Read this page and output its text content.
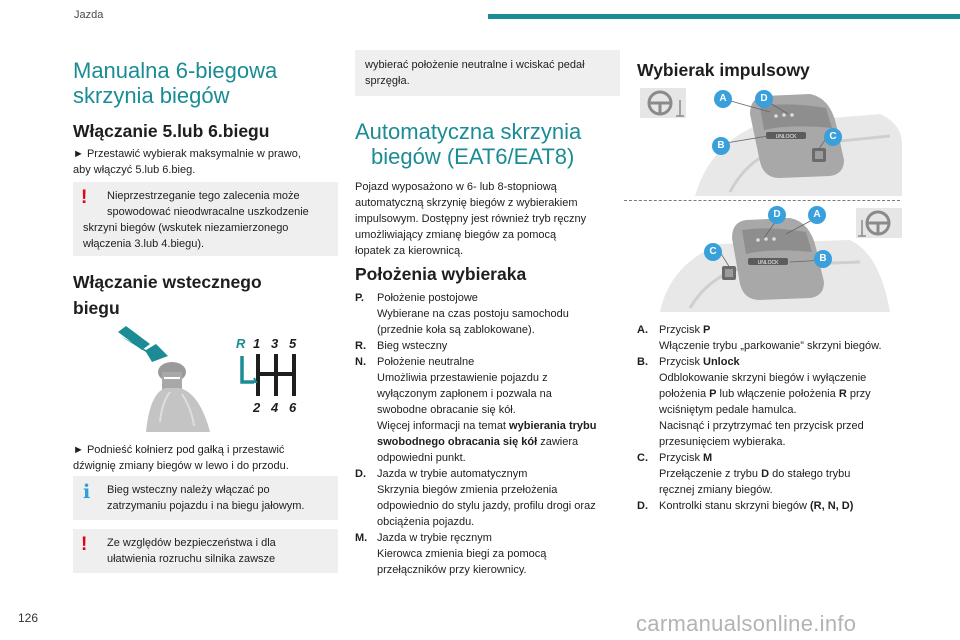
Jazda
126	carmanualsonline.info
Manualna 6-biegowa
skrzynia biegów
Włączanie 5.lub 6.biegu
► Przestawić wybierak maksymalnie w prawo,
aby włączyć 5.lub 6.bieg.
! Nieprzestrzeganie tego zalecenia może
spowodować nieodwracalne uszkodzenie
skrzyni biegów (wskutek niezamierzonego
włączenia 3.lub 4.biegu).
Włączanie wstecznego
biegu
R 1 3 5
2 4 6
► Podnieść kołnierz pod gałką i przestawić
dźwignię zmiany biegów w lewo i do przodu.
i Bieg wsteczny należy włączać po
zatrzymaniu pojazdu i na biegu jałowym.
! Ze względów bezpieczeństwa i dla
ułatwienia rozruchu silnika zawsze
wybierać położenie neutralne i wciskać pedał
sprzęgła.
Automatyczna skrzynia
biegów (EAT6/EAT8)
Pojazd wyposażono w 6- lub 8-stopniową
automatyczną skrzynię biegów z wybierakiem
impulsowym. Dostępny jest również tryb ręczny
umożliwiający zmianę biegów za pomocą
łopatek za kierownicą.
Położenia wybieraka
P. Położenie postojowe
Wybierane na czas postoju samochodu
(przednie koła są zablokowane).
R. Bieg wsteczny
N. Położenie neutralne
Umożliwia przestawienie pojazdu z
wyłączonym zapłonem i pozwala na
swobodne obracanie się kół.
Więcej informacji na temat wybierania trybu
swobodnego obracania się kół zawiera
odpowiedni punkt.
D. Jazda w trybie automatycznym
Skrzynia biegów zmienia przełożenia
odpowiednio do stylu jazdy, profilu drogi oraz
obciążenia pojazdu.
M. Jazda w trybie ręcznym
Kierowca zmienia biegi za pomocą
przełączników przy kierownicy.
Wybierak impulsowy
UNLOCK
A	D
C
B
UNLOCK
D	A
C
B
A. Przycisk P
Włączenie trybu „parkowanie” skrzyni biegów.
B. Przycisk Unlock
Odblokowanie skrzyni biegów i wyłączenie
położenia P lub włączenie położenia R przy
wciśniętym pedale hamulca.
Nacisnąć i przytrzymać ten przycisk przed
przesunięciem wybieraka.
C. Przycisk M
Przełączenie z trybu D do stałego trybu
ręcznej zmiany biegów.
D. Kontrolki stanu skrzyni biegów (R, N, D)
